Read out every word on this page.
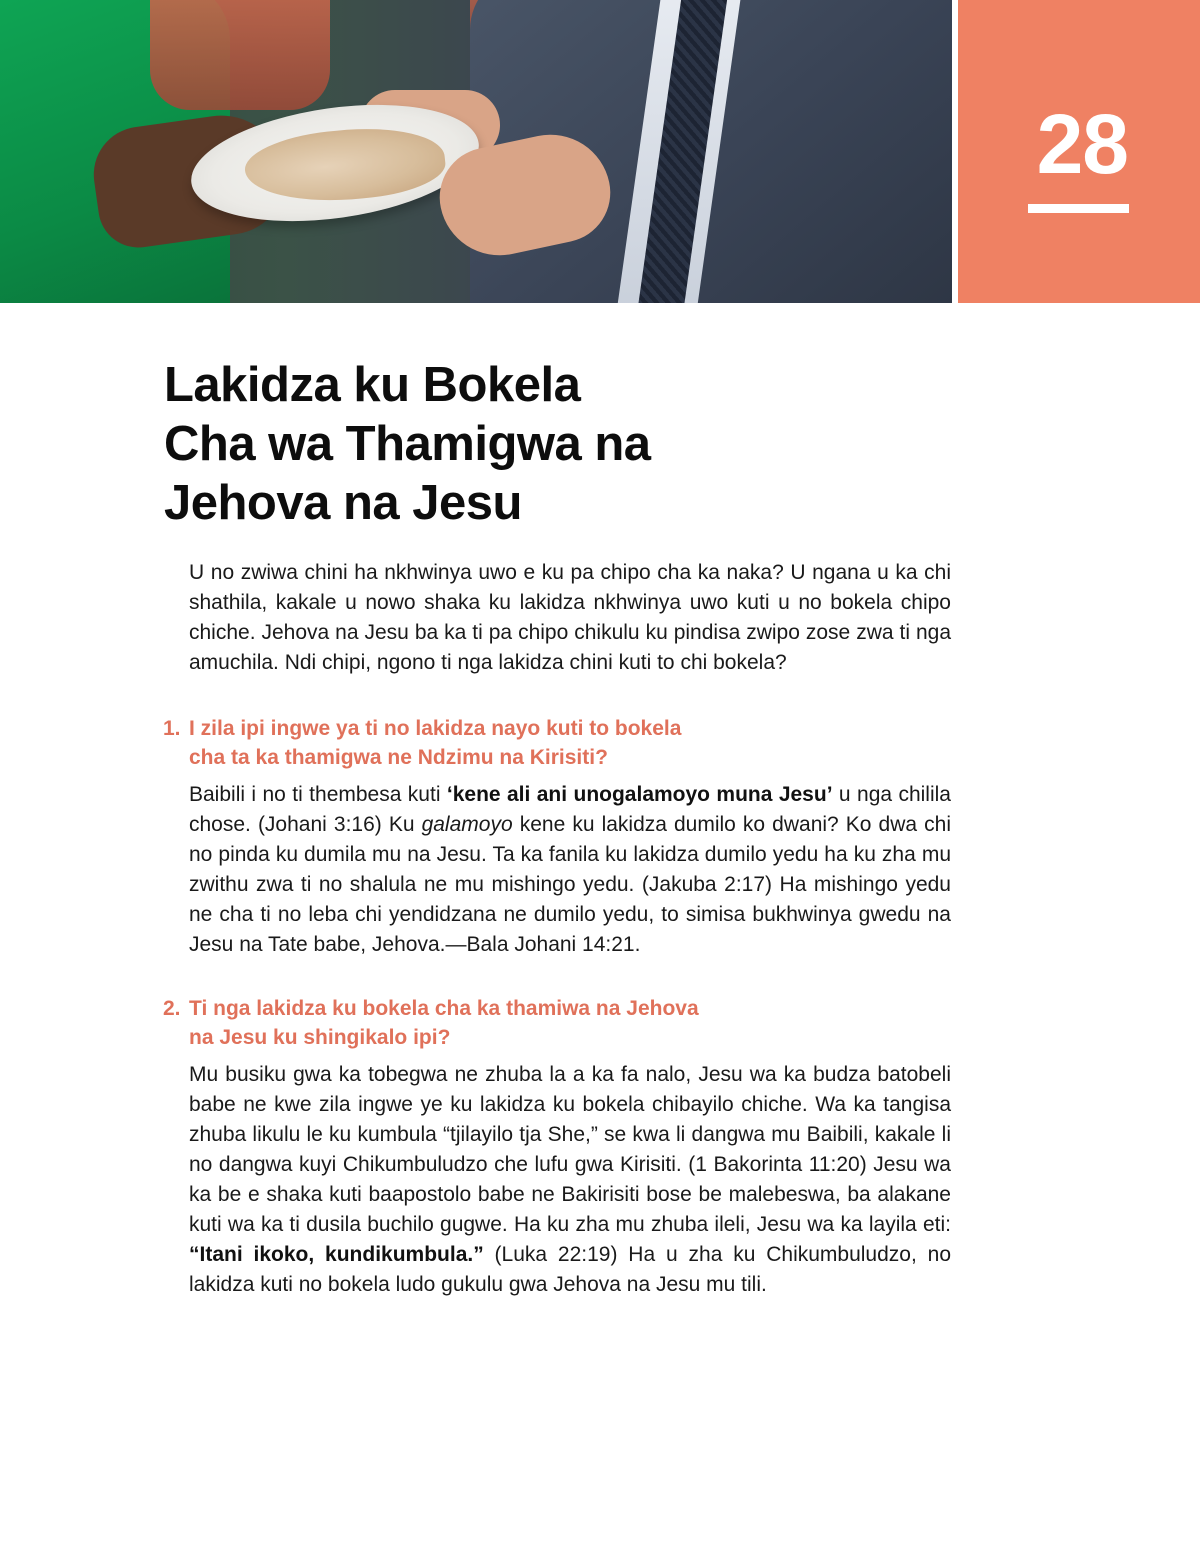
28
Lakidza ku Bokela
Cha wa Thamigwa na
Jehova na Jesu

U no zwiwa chini ha nkhwinya uwo e ku pa chipo cha ka naka? U ngana u ka chi shathila, kakale u nowo shaka ku lakidza nkhwinya uwo kuti u no bokela chipo chiche. Jehova na Jesu ba ka ti pa chipo chikulu ku pindisa zwipo zose zwa ti nga amuchila. Ndi chipi, ngono ti nga lakidza chini kuti to chi bokela?

1. I zila ipi ingwe ya ti no lakidza nayo kuti to bokela
cha ta ka thamigwa ne Ndzimu na Kirisiti?

Baibili i no ti thembesa kuti ‘kene ali ani unogalamoyo muna Jesu’ u nga chilila chose. (Johani 3:16) Ku galamoyo kene ku lakidza dumilo ko dwani? Ko dwa chi no pinda ku dumila mu na Jesu. Ta ka fanila ku lakidza dumilo yedu ha ku zha mu zwithu zwa ti no shalula ne mu mishingo yedu. (Jakuba 2:17) Ha mishingo yedu ne cha ti no leba chi yendidzana ne dumilo yedu, to simisa bukhwinya gwedu na Jesu na Tate babe, Jehova.—Bala Johani 14:21.

2. Ti nga lakidza ku bokela cha ka thamiwa na Jehova
na Jesu ku shingikalo ipi?

Mu busiku gwa ka tobegwa ne zhuba la a ka fa nalo, Jesu wa ka budza batobeli babe ne kwe zila ingwe ye ku lakidza ku bokela chibayilo chiche. Wa ka tangisa zhuba likulu le ku kumbula “tjilayilo tja She,” se kwa li dangwa mu Baibili, kakale li no dangwa kuyi Chikumbuludzo che lufu gwa Kirisiti. (1 Bakorinta 11:20) Jesu wa ka be e shaka kuti baapostolo babe ne Bakirisiti bose be malebeswa, ba alakane kuti wa ka ti dusila buchilo gugwe. Ha ku zha mu zhuba ileli, Jesu wa ka layila eti: “Itani ikoko, kundikumbula.” (Luka 22:19) Ha u zha ku Chikumbuludzo, no lakidza kuti no bokela ludo gukulu gwa Jehova na Jesu mu tili.
